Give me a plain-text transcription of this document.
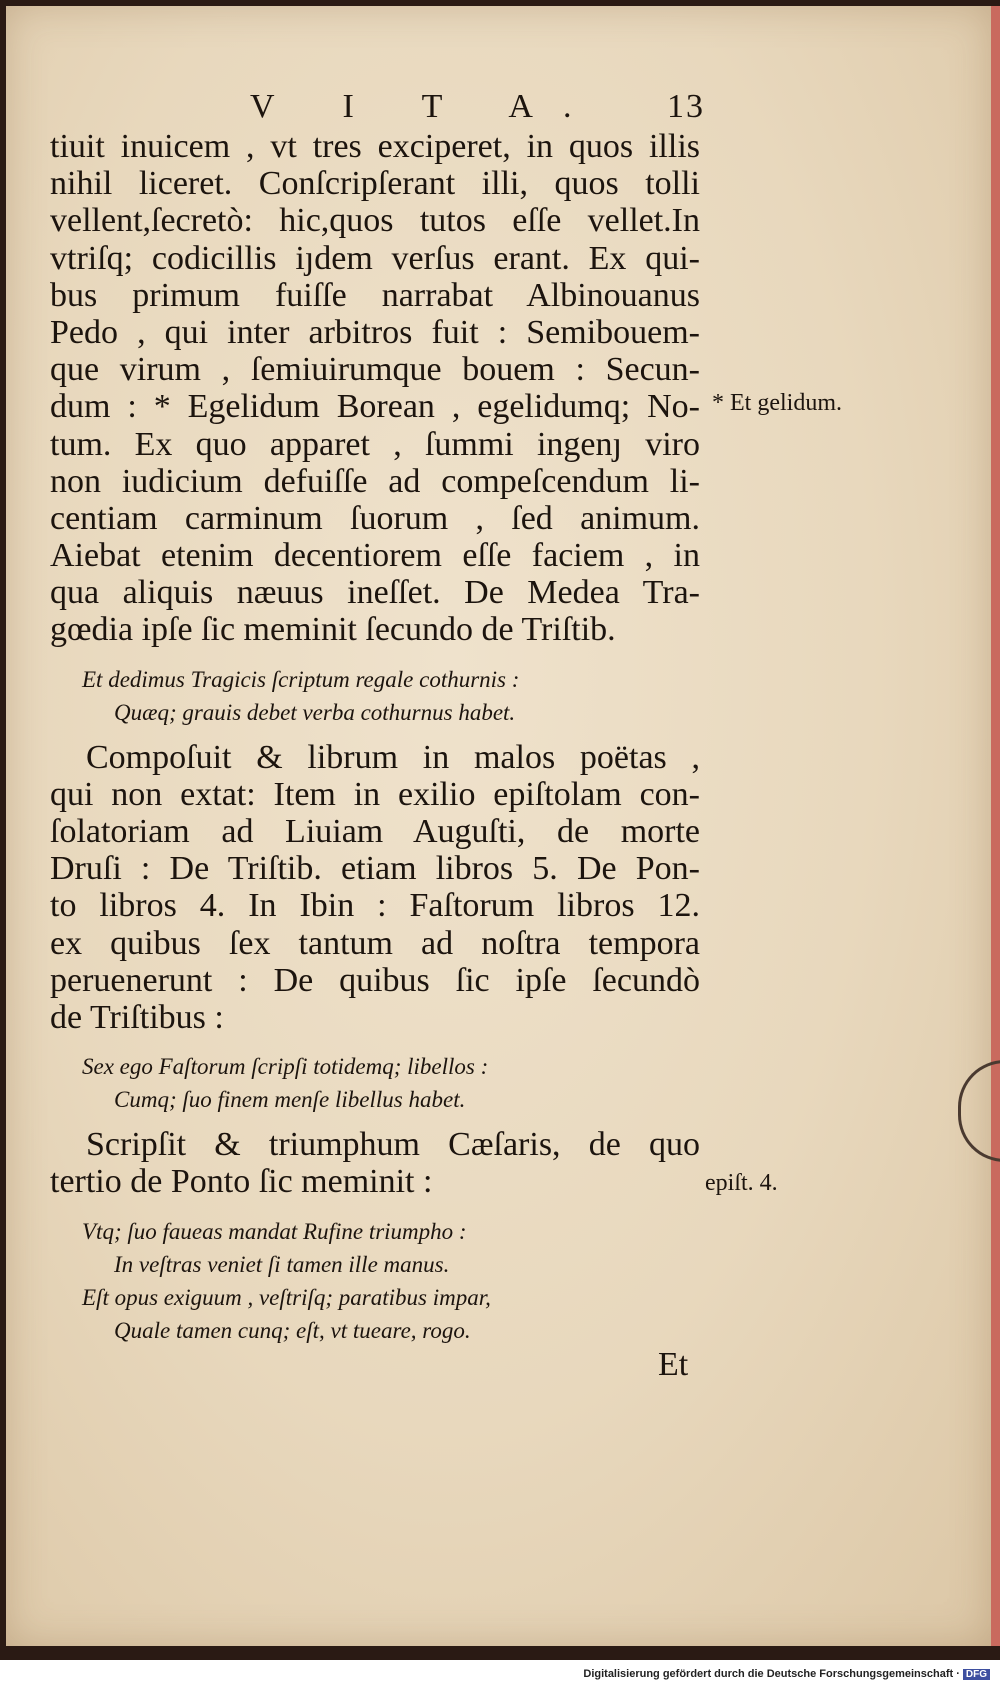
V I T A. 13
tiuit inuicem , vt tres exciperet, in quos illis
nihil liceret. Conſcripſerant illi, quos tolli
vellent,ſecretò: hic,quos tutos eſſe vellet.In
vtriſq; codicillis iȷdem verſus erant. Ex qui-
bus primum fuiſſe narrabat Albinouanus
Pedo , qui inter arbitros fuit : Semibouem-
que virum , ſemiuirumque bouem : Secun-
dum : * Egelidum Borean , egelidumq; No-
tum. Ex quo apparet , ſummi ingenȷ viro
non iudicium defuiſſe ad compeſcendum li-
centiam carminum ſuorum , ſed animum.
Aiebat etenim decentiorem eſſe faciem , in
qua aliquis næuus ineſſet. De Medea Tra-
gœdia ipſe ſic meminit ſecundo de Triſtib.
Et dedimus Tragicis ſcriptum regale cothurnis :
Quæq; grauis debet verba cothurnus habet.
Compoſuit & librum in malos poëtas ,
qui non extat: Item in exilio epiſtolam con-
ſolatoriam ad Liuiam Auguſti, de morte
Druſi : De Triſtib. etiam libros 5. De Pon-
to libros 4. In Ibin : Faſtorum libros 12.
ex quibus ſex tantum ad noſtra tempora
peruenerunt : De quibus ſic ipſe ſecundò
de Triſtibus :
Sex ego Faſtorum ſcripſi totidemq; libellos :
Cumq; ſuo finem menſe libellus habet.
Scripſit & triumphum Cæſaris, de quo
tertio de Ponto ſic meminit :
Vtq; ſuo faueas mandat Rufine triumpho :
In veſtras veniet ſi tamen ille manus.
Eſt opus exiguum , veſtriſq; paratibus impar,
Quale tamen cunq; eſt, vt tueare, rogo.
* Et gelidum.
epiſt. 4.
Et
Digitalisierung gefördert durch die Deutsche Forschungsgemeinschaft · DFG
